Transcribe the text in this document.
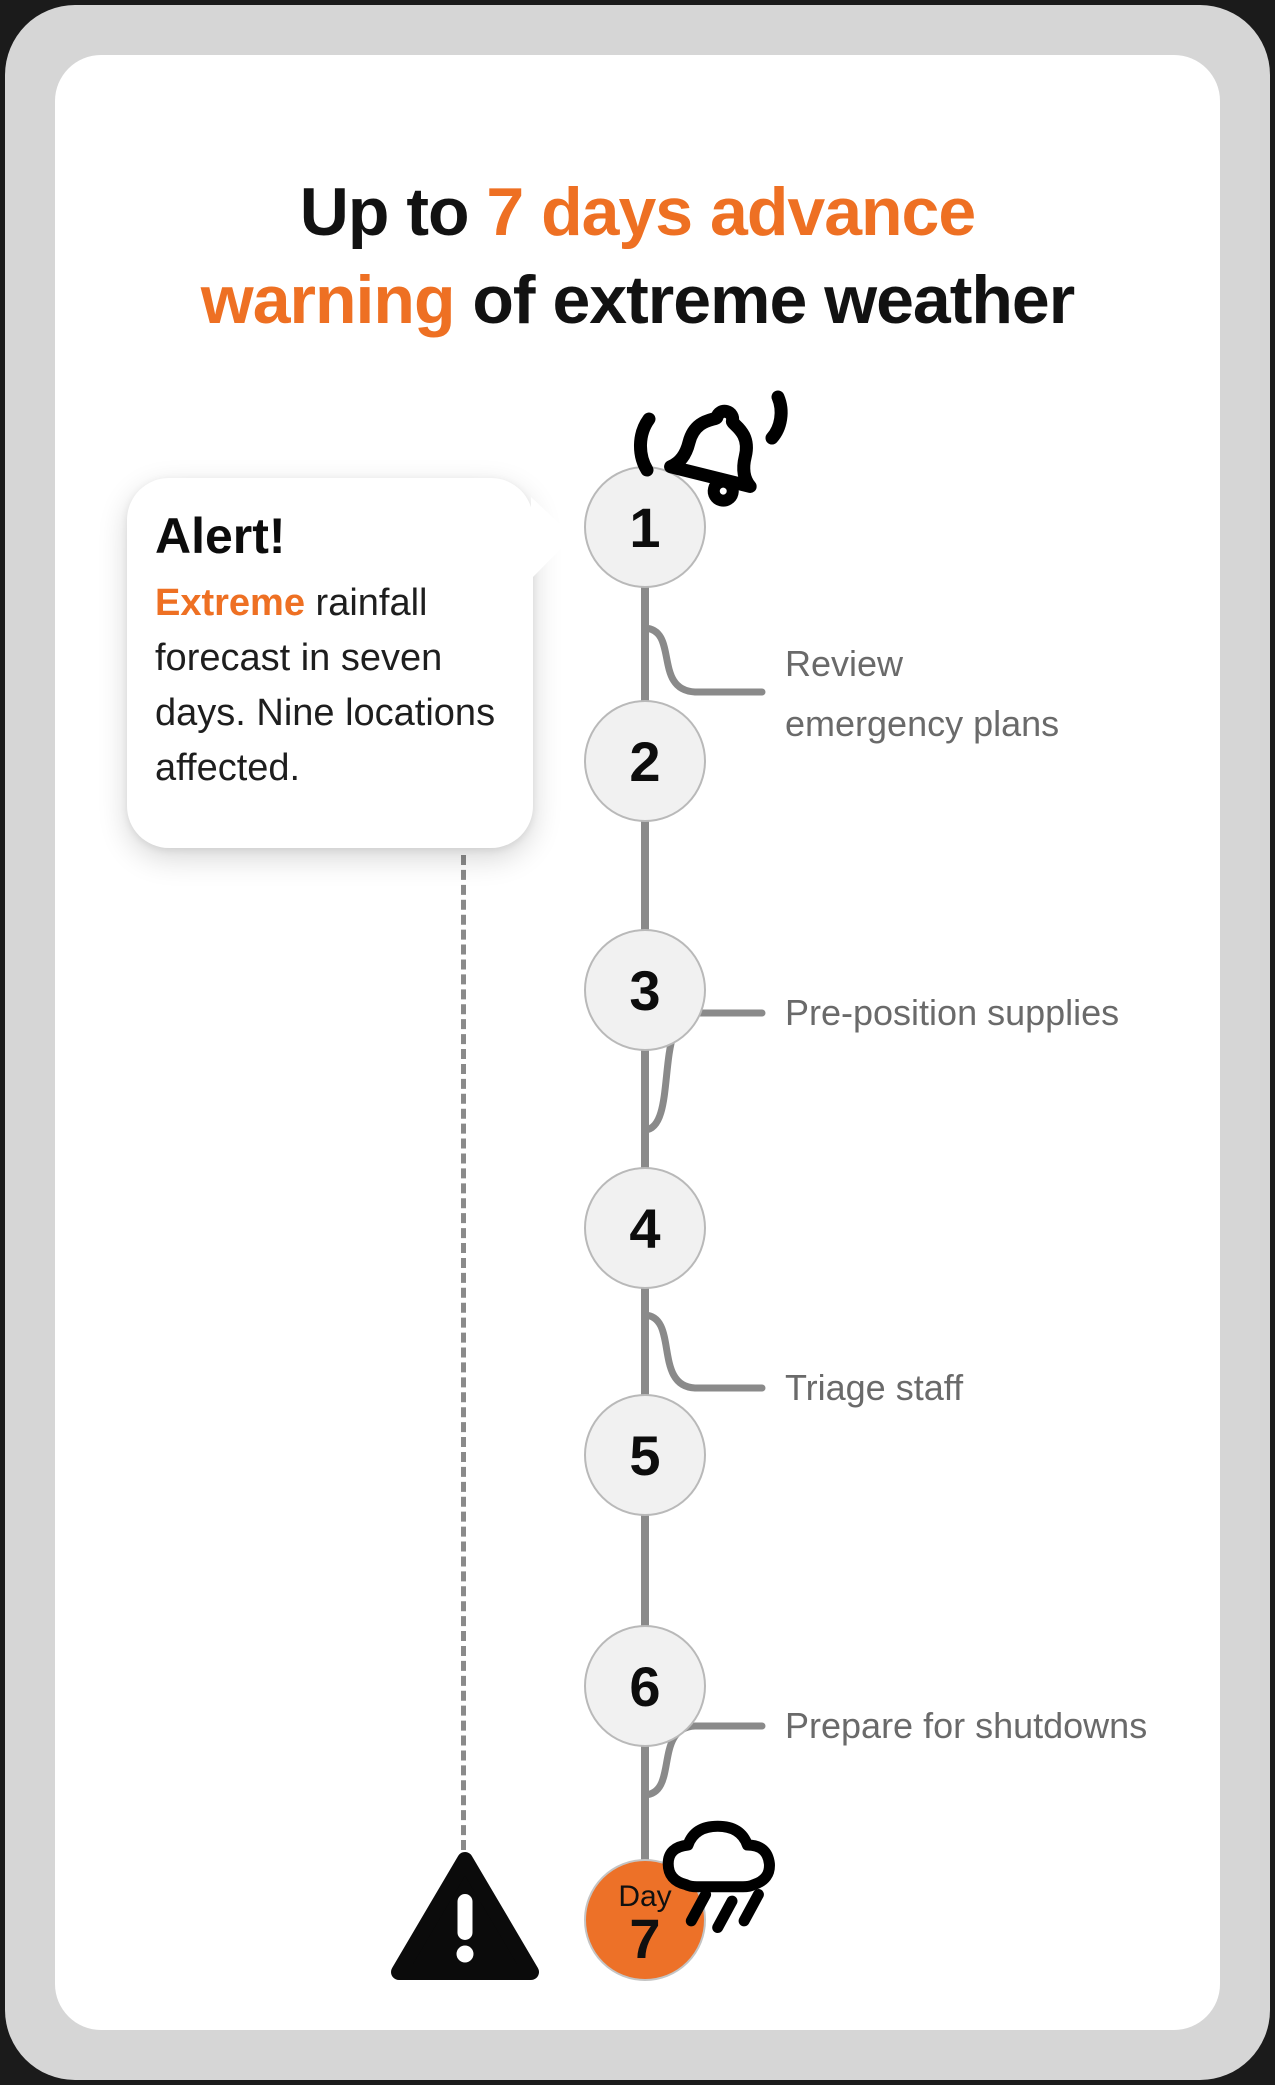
Up to 7 days advance
warning of extreme weather
1
2
3
4
5
6
Day
7
Review emergency plans
Pre-position supplies
Triage staff
Prepare for shutdowns
Alert!

Extreme rainfall forecast in seven days. Nine locations affected.
